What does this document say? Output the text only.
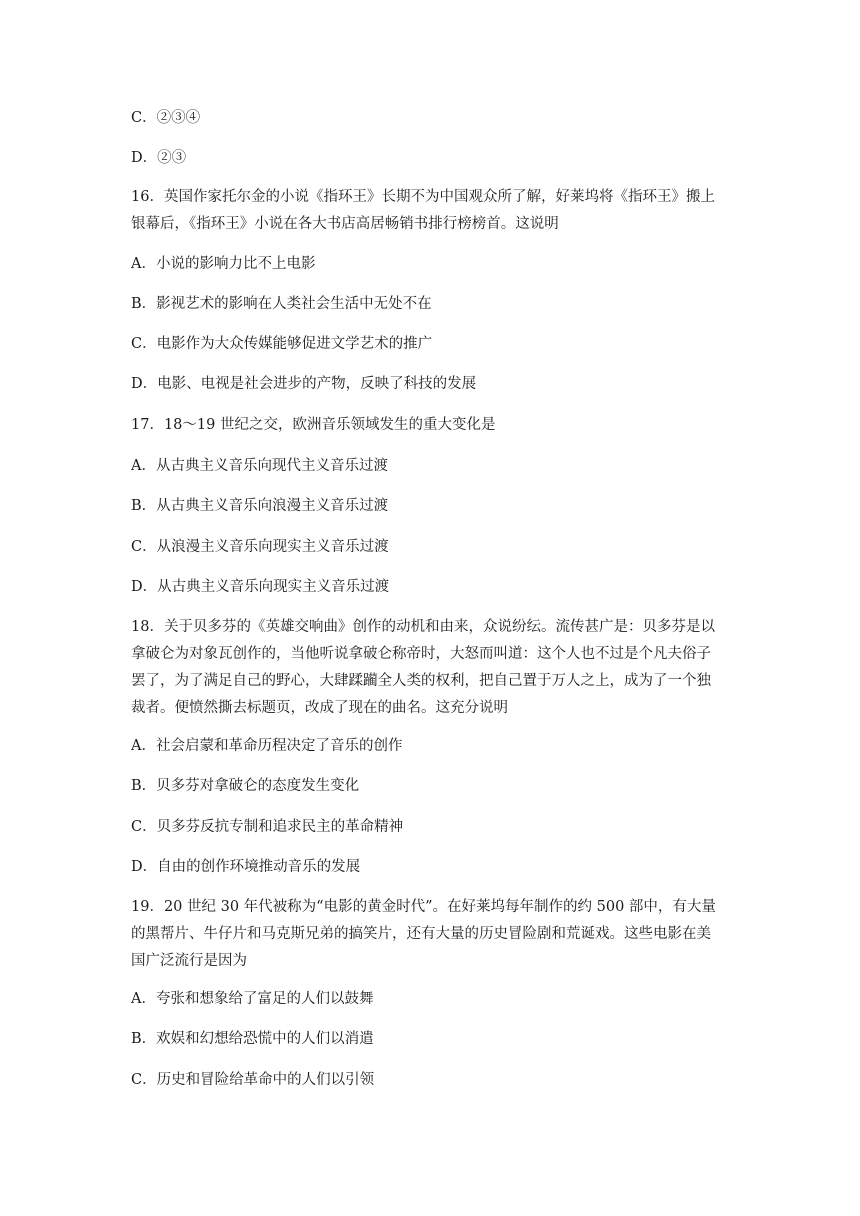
C．②③④
D．②③
16．英国作家托尔金的小说《指环王》长期不为中国观众所了解，好莱坞将《指环王》搬上
银幕后，《指环王》小说在各大书店高居畅销书排行榜榜首。这说明
A．小说的影响力比不上电影
B．影视艺术的影响在人类社会生活中无处不在
C．电影作为大众传媒能够促进文学艺术的推广
D．电影、电视是社会进步的产物，反映了科技的发展
17．18～19 世纪之交，欧洲音乐领域发生的重大变化是
A．从古典主义音乐向现代主义音乐过渡
B．从古典主义音乐向浪漫主义音乐过渡
C．从浪漫主义音乐向现实主义音乐过渡
D．从古典主义音乐向现实主义音乐过渡
18．关于贝多芬的《英雄交响曲》创作的动机和由来，众说纷纭。流传甚广是：贝多芬是以
拿破仑为对象瓦创作的，当他听说拿破仑称帝时，大怒而叫道：这个人也不过是个凡夫俗子
罢了，为了满足自己的野心，大肆蹂躏全人类的权利，把自己置于万人之上，成为了一个独
裁者。便愤然撕去标题页，改成了现在的曲名。这充分说明
A．社会启蒙和革命历程决定了音乐的创作
B．贝多芬对拿破仑的态度发生变化
C．贝多芬反抗专制和追求民主的革命精神
D．自由的创作环境推动音乐的发展
19．20 世纪 30 年代被称为“电影的黄金时代”。在好莱坞每年制作的约 500 部中，有大量
的黑帮片、牛仔片和马克斯兄弟的搞笑片，还有大量的历史冒险剧和荒诞戏。这些电影在美
国广泛流行是因为
A．夸张和想象给了富足的人们以鼓舞
B．欢娱和幻想给恐慌中的人们以消遣
C．历史和冒险给革命中的人们以引领
